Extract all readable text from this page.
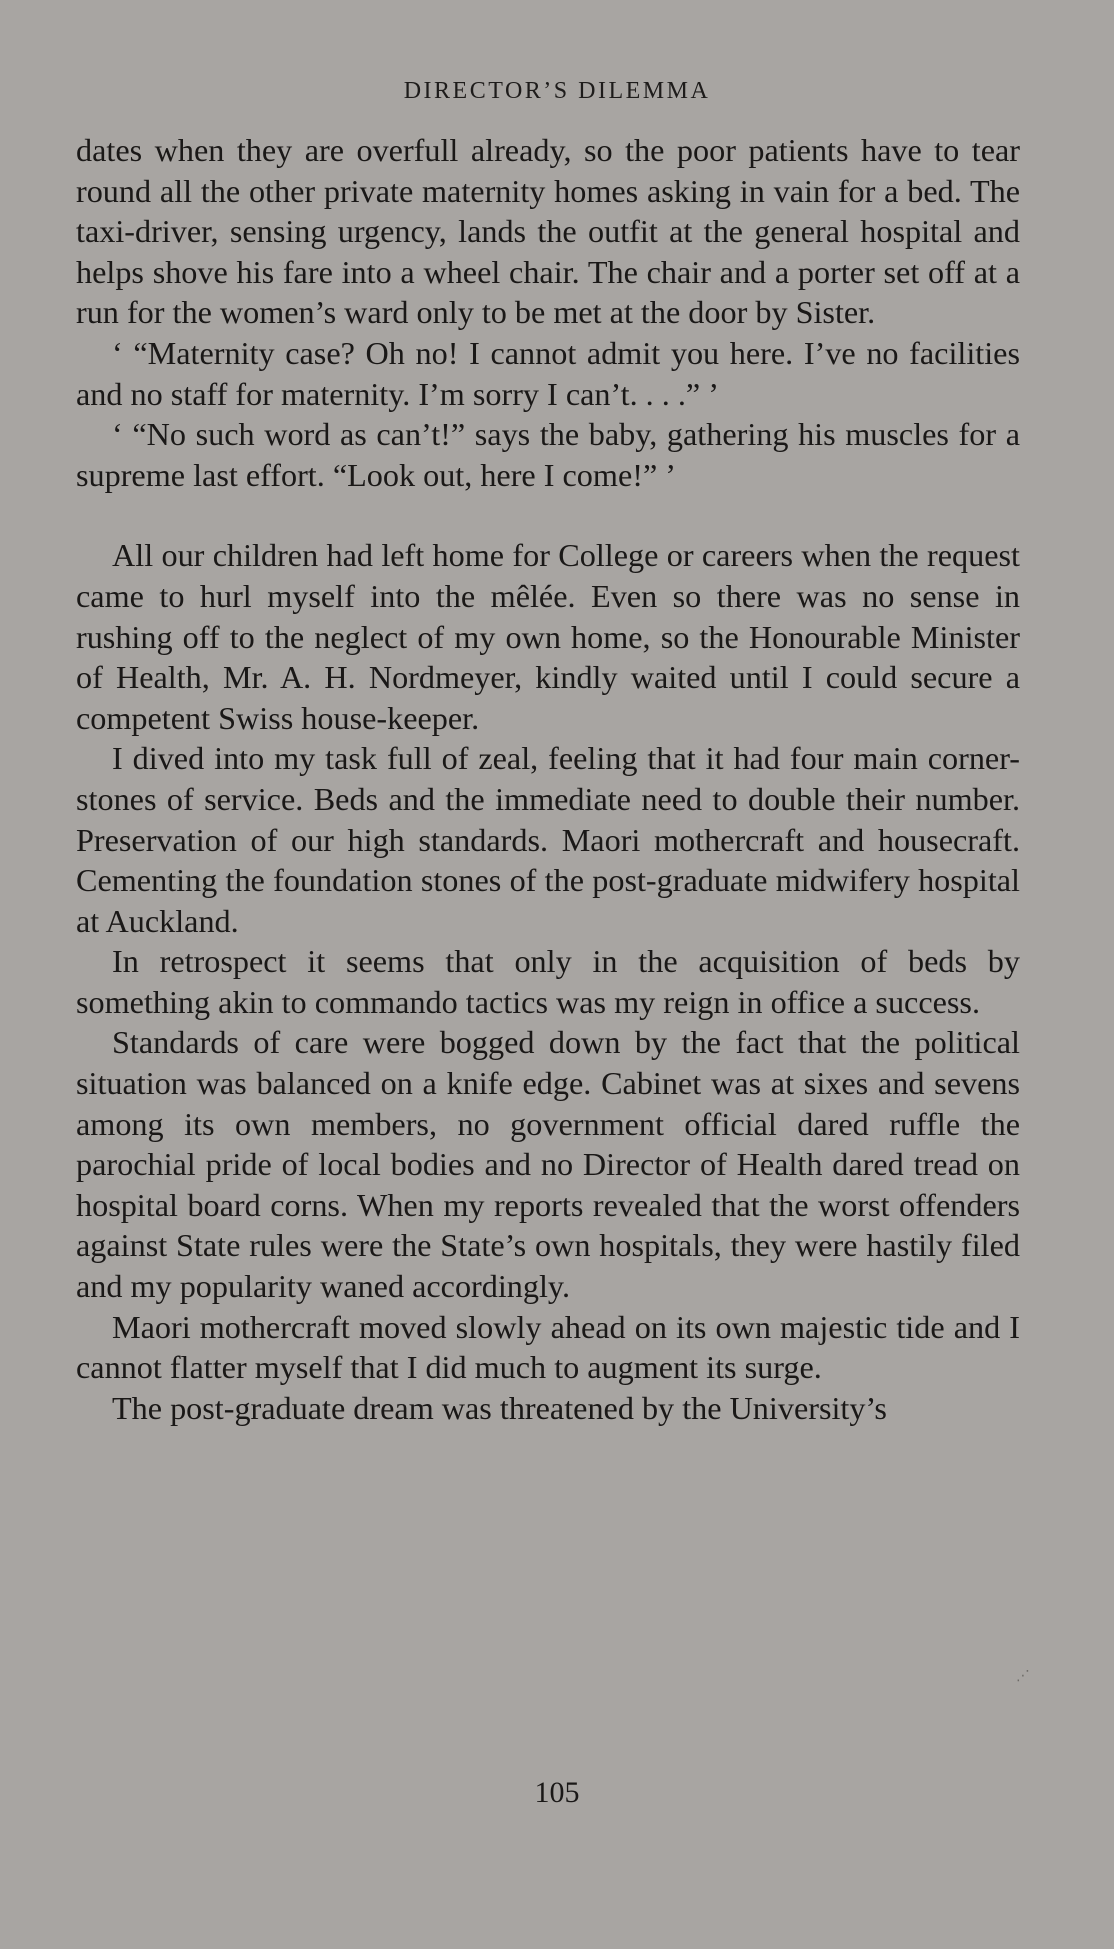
DIRECTOR’S DILEMMA

dates when they are overfull already, so the poor patients have to tear round all the other private maternity homes asking in vain for a bed. The taxi-driver, sensing urgency, lands the outfit at the general hospital and helps shove his fare into a wheel chair. The chair and a porter set off at a run for the women’s ward only to be met at the door by Sister.

‘ “Maternity case? Oh no! I cannot admit you here. I’ve no facilities and no staff for maternity. I’m sorry I can’t. . . .” ’

‘ “No such word as can’t!” says the baby, gathering his muscles for a supreme last effort. “Look out, here I come!” ’

All our children had left home for College or careers when the request came to hurl myself into the mêlée. Even so there was no sense in rushing off to the neglect of my own home, so the Honourable Minister of Health, Mr. A. H. Nordmeyer, kindly waited until I could secure a competent Swiss house-keeper.

I dived into my task full of zeal, feeling that it had four main corner-stones of service. Beds and the immediate need to double their number. Preservation of our high standards. Maori mothercraft and housecraft. Cementing the foundation stones of the post-graduate midwifery hospital at Auckland.

In retrospect it seems that only in the acquisition of beds by something akin to commando tactics was my reign in office a success.

Standards of care were bogged down by the fact that the political situation was balanced on a knife edge. Cabinet was at sixes and sevens among its own members, no government official dared ruffle the parochial pride of local bodies and no Director of Health dared tread on hospital board corns. When my reports revealed that the worst offenders against State rules were the State’s own hospitals, they were hastily filed and my popularity waned accordingly.

Maori mothercraft moved slowly ahead on its own majestic tide and I cannot flatter myself that I did much to augment its surge.

The post-graduate dream was threatened by the University’s

⋰
105
